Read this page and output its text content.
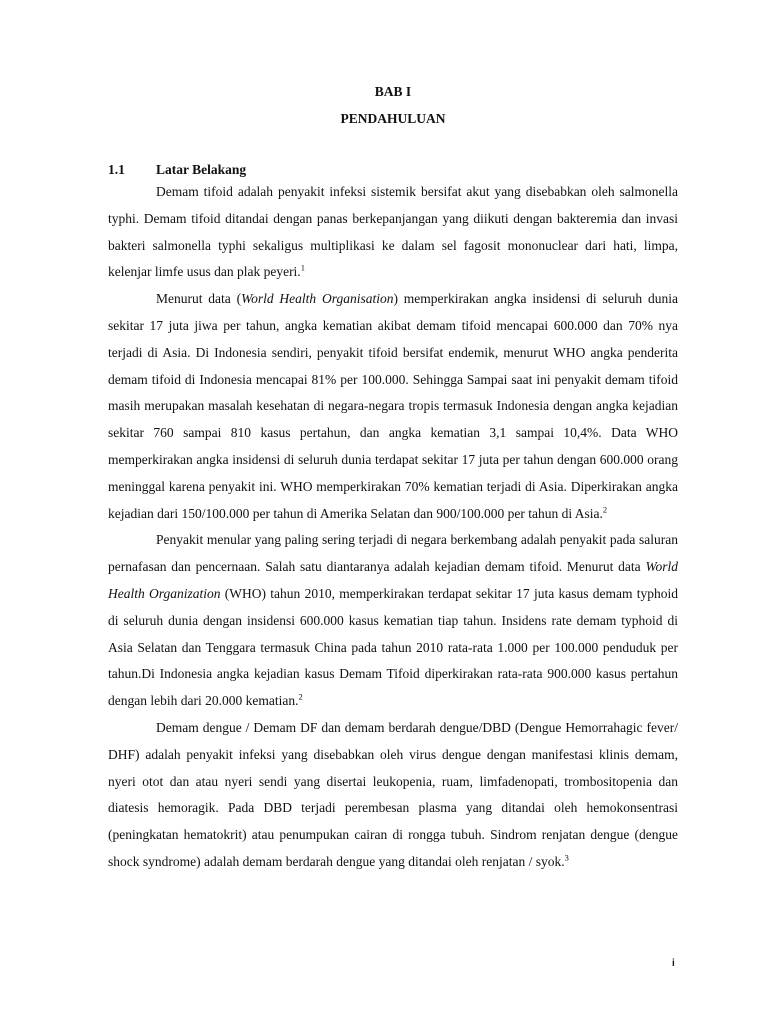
BAB I
PENDAHULUAN
1.1 Latar Belakang

Demam tifoid adalah penyakit infeksi sistemik bersifat akut yang disebabkan oleh salmonella typhi. Demam tifoid ditandai dengan panas berkepanjangan yang diikuti dengan bakteremia dan invasi bakteri salmonella typhi sekaligus multiplikasi ke dalam sel fagosit mononuclear dari hati, limpa, kelenjar limfe usus dan plak peyeri.$^1$

Menurut data (World Health Organisation) memperkirakan angka insidensi di seluruh dunia sekitar 17 juta jiwa per tahun, angka kematian akibat demam tifoid mencapai 600.000 dan 70% nya terjadi di Asia. Di Indonesia sendiri, penyakit tifoid bersifat endemik, menurut WHO angka penderita demam tifoid di Indonesia mencapai 81% per 100.000. Sehingga Sampai saat ini penyakit demam tifoid masih merupakan masalah kesehatan di negara-negara tropis termasuk Indonesia dengan angka kejadian sekitar 760 sampai 810 kasus pertahun, dan angka kematian 3,1 sampai 10,4%. Data WHO memperkirakan angka insidensi di seluruh dunia terdapat sekitar 17 juta per tahun dengan 600.000 orang meninggal karena penyakit ini. WHO memperkirakan 70% kematian terjadi di Asia. Diperkirakan angka kejadian dari 150/100.000 per tahun di Amerika Selatan dan 900/100.000 per tahun di Asia.$^2$

Penyakit menular yang paling sering terjadi di negara berkembang adalah penyakit pada saluran pernafasan dan pencernaan. Salah satu diantaranya adalah kejadian demam tifoid. Menurut data World Health Organization (WHO) tahun 2010, memperkirakan terdapat sekitar 17 juta kasus demam typhoid di seluruh dunia dengan insidensi 600.000 kasus kematian tiap tahun. Insidens rate demam typhoid di Asia Selatan dan Tenggara termasuk China pada tahun 2010 rata-rata 1.000 per 100.000 penduduk per tahun.Di Indonesia angka kejadian kasus Demam Tifoid diperkirakan rata-rata 900.000 kasus pertahun dengan lebih dari 20.000 kematian.$^2$

Demam dengue / Demam DF dan demam berdarah dengue/DBD (Dengue Hemorrahagic fever/ DHF) adalah penyakit infeksi yang disebabkan oleh virus dengue dengan manifestasi klinis demam, nyeri otot dan atau nyeri sendi yang disertai leukopenia, ruam, limfadenopati, trombositopenia dan diatesis hemoragik. Pada DBD terjadi perembesan plasma yang ditandai oleh hemokonsentrasi (peningkatan hematokrit) atau penumpukan cairan di rongga tubuh. Sindrom renjatan dengue (dengue shock syndrome) adalah demam berdarah dengue yang ditandai oleh renjatan / syok.$^3$

i
